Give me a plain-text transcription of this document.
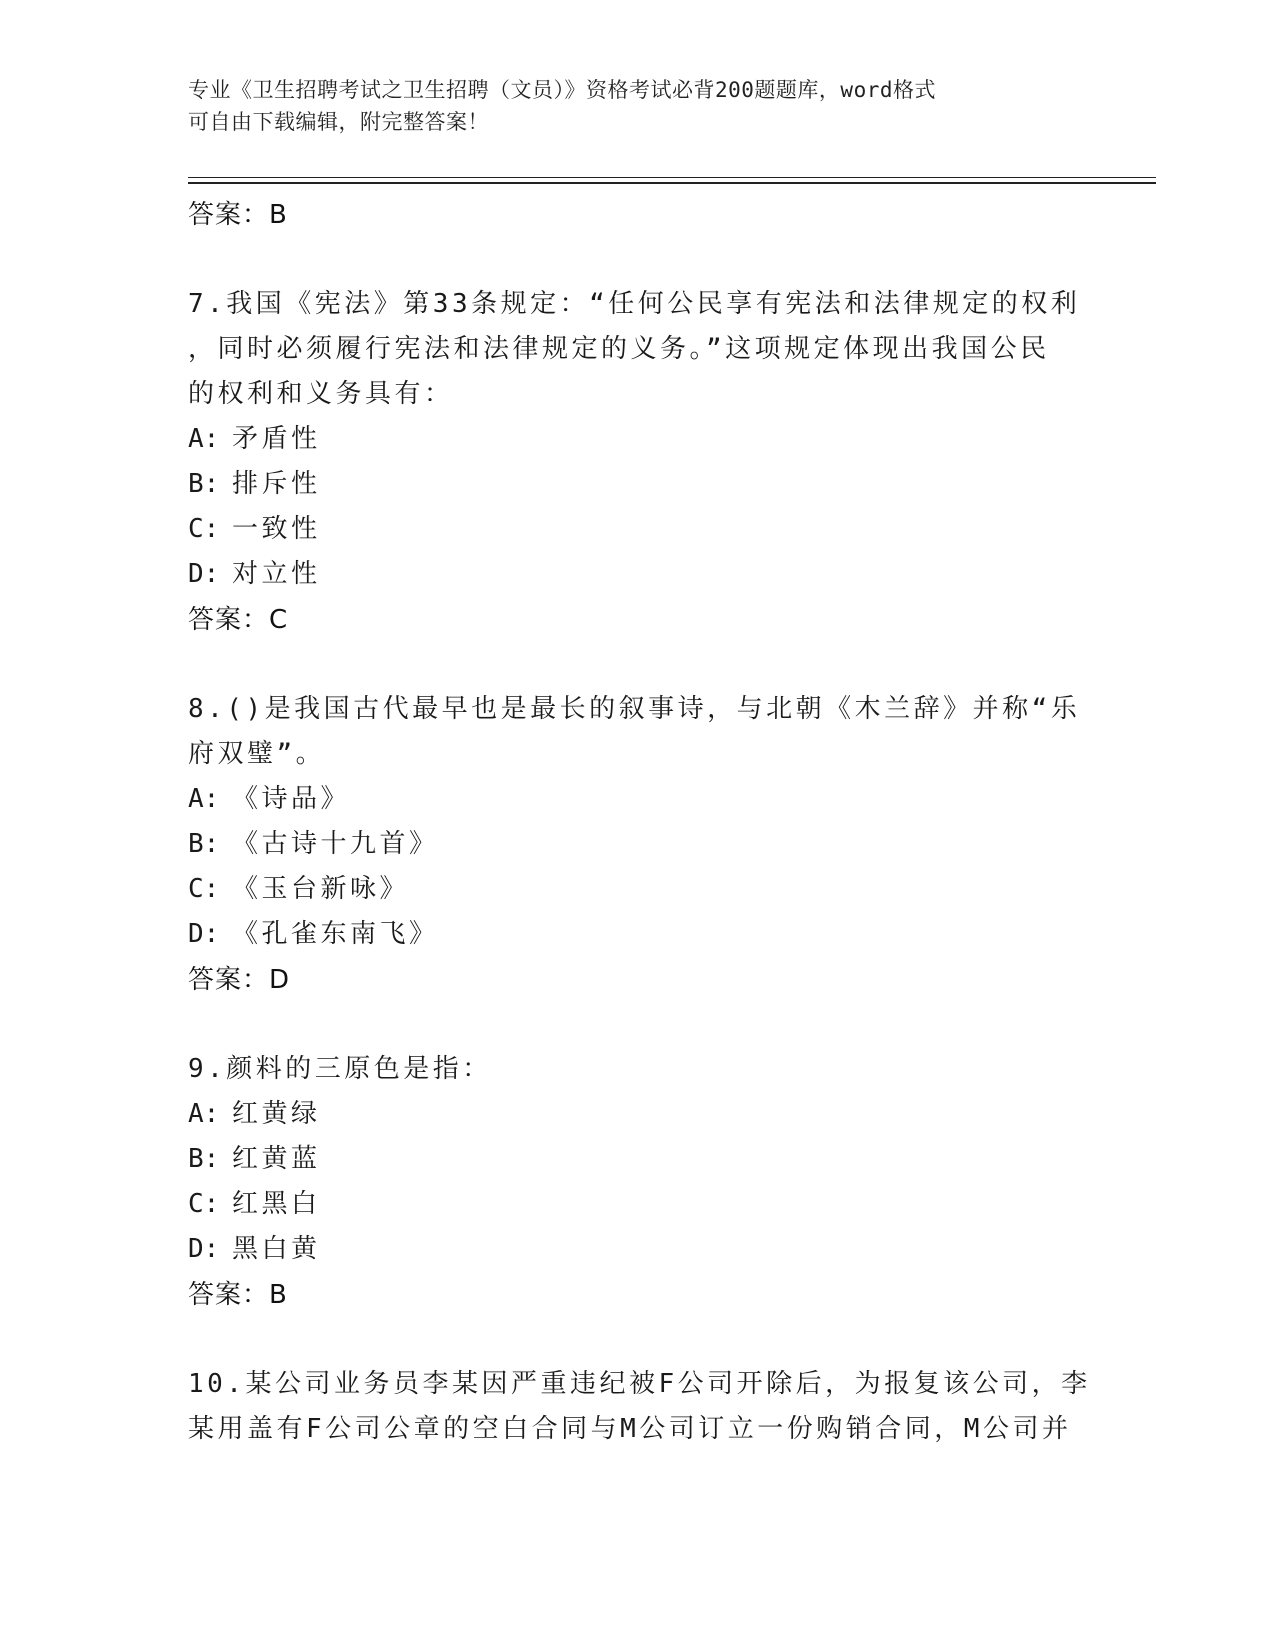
专业《卫生招聘考试之卫生招聘（文员）》资格考试必背200题题库，word格式
可自由下载编辑，附完整答案！
答案：B
7.我国《宪法》第33条规定：“任何公民享有宪法和法律规定的权利
，同时必须履行宪法和法律规定的义务。”这项规定体现出我国公民
的权利和义务具有：
A: 矛盾性
B: 排斥性
C: 一致性
D: 对立性
答案：C
8.()是我国古代最早也是最长的叙事诗，与北朝《木兰辞》并称“乐
府双璧”。
A: 《诗品》
B: 《古诗十九首》
C: 《玉台新咏》
D: 《孔雀东南飞》
答案：D
9.颜料的三原色是指：
A: 红黄绿
B: 红黄蓝
C: 红黑白
D: 黑白黄
答案：B
10.某公司业务员李某因严重违纪被F公司开除后，为报复该公司，李
某用盖有F公司公章的空白合同与M公司订立一份购销合同，M公司并
